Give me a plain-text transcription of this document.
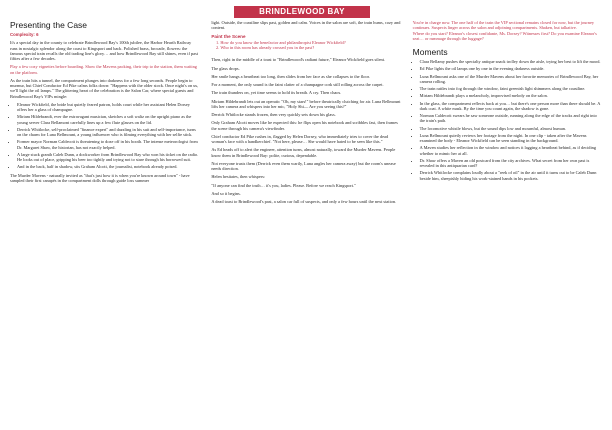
BRINDLEWOOD BAY
Presenting the Case

Complexity: 6

It's a special day in the county to celebrate Brindlewood Bay's 100th jubilee, the Harbor Hearth Railway runs in nostalgic splendor along the coast to Kingsport and back. Polished brass, brocade, flowers: the famous special train recalls the old trading line's glory… and how Brindlewood Bay still shines, even if past fifties after a few decades.

Play a few cozy vignettes before boarding. Show the Mavens packing, their trip to the station, them waiting on the platform.

As the train hits a tunnel, the compartment plunges into darkness for a few long seconds. People begin to murmur, but Chief Conductor Ed Pike calms folks down: "Happens with the older stock. Once night's on us, we'll light the oil lamps." The glittering heart of the celebration is the Salon Car, where special guests and Brindlewood Bay's VIPs mingle:

• Eleanor Wickfield, the bride but quietly feared patron, holds court while her assistant Helen Dorsey offers her a glass of champagne.
• Miriam Hildebrandt, ever the extravagant musician, sketches a soft waltz on the upright piano as the young server Clara Bellamont carefully lines up a few flute glasses on the lid.
• Derrick Whitlocke, self-proclaimed "finance expert" and dazzling in his suit and self-importance, turns on the charm for Luna Bellmount, a young influencer who is filming everything with her selfie stick.
• Former mayor Norman Caldecott is threatening to doze off in his booth. The intense meteorologist from Dr. Margaret Shaw, the historian, has not exactly helped.
• A large stuck granth Caleb Dunn, a dockworker from Brindlewood Bay who won his ticket on the radio. He looks out of place, gripping his beer too tightly and trying not to stare through his borrowed suit.
• And in the back, half in shadow, sits Graham Alcott, the journalist, notebook already poised.

The Murder Mavens - naturally invited as "that's just how it is when you're known around town" - have sampled their first canapés in the compartment dolls through guide loss summer

light. Outside, the coastline slips past, golden and calm. Voices in the salon are soft, the train hums, cozy and content.

Paint the Scene
1. How do you know the benefactor and philanthropist Eleanor Wickfield?
2. Who in this room has already crossed you in the past?

Then, right in the middle of a toast to "Brindlewood's radiant future," Eleanor Wickfield goes silent.

The glass drops.

Her smile hangs a heartbeat too long, then slides from her face as she collapses to the floor.

For a moment, the only sound is the faint clatter of a champagne cork still rolling across the carpet.

The train thunders on, yet time seems to hold its breath. A cry. Then chaos.

Miriam Hildebrandt lets out an operatic "Oh, my stars!" before theatrically clutching for air. Luna Bellmount lifts her camera and whispers into her mic, "Holy Shi— Are you seeing this?"

Derrick Whitlocke stands frozen, then very quickly sets down his glass.

Only Graham Alcott moves like he expected this: he flips open his notebook and scribbles fast, then frames the scene through his camera's viewfinder.

Chief conductor Ed Pike rushes in, flagged by Helen Dorsey, who immediately tries to cover the dead woman's face with a handkerchief. "Not here, please… She would have hated to be seen like this."

As Ed heads off to alert the engineer, attention turns, almost naturally, toward the Murder Mavens. People know them in Brindlewood Bay: polite, curious, dependable.

Not everyone trusts them (Derrick even them warily, Luna angles her camera away) but the room's unease needs direction.

Helen hesitates, then whispers:

"If anyone can find the truth… it's you, ladies. Please. Before we reach Kingsport."

And so it begins.

A dead toast to Brindlewood's past, a salon car full of suspects, and only a few hours until the next station.

You're in charge now. The one half of the train the VIP sectional remains closed for now, but the journey continues. Suspects linger across the salon and adjoining compartments. Shaken, but talkative.
Where do you start? Eleanor's closest confidante, Ms. Dorsey? Witnesses first? Do you examine Eleanor's seat… or rummage through the luggage?

Moments
• Clara Bellamy pushes the specialty antique snack trolley down the aisle, trying her best to lift the mood.
• Ed Pike lights the oil lamps one by one in the evening darkness outside.
• Luna Bellmount asks one of the Murder Mavens about her favorite memories of Brindlewood Bay, her camera rolling.
• The train rattles into fog through the window, faint greenish light shimmers along the coastline.
• Miriam Hildebrandt plays a melancholy, improvised melody on the salon.
• In the glass, the compartment reflects back at you… but there's one person more than there should be. A dark coat. A white mask. By the time you count again, the shadow is gone.
• Norman Caldecott swears he saw someone outside, running along the edge of the tracks and right into the train's path.
• The locomotive whistle blows, but the sound dips low and mournful, almost human.
• Luna Bellmount quietly reviews her footage from the night. In one clip - taken after the Mavens examined the body - Eleanor Wickfield can be seen standing in the background.
• A Maven studies her reflection in the window and notices it lagging a heartbeat behind, as if deciding whether to mimic her at all.
• Dr. Shaw offers a Maven an old postcard from the city archives. What secret from her own past is revealed in this antiquarian card?
• Derrick Whitlocke complains loudly about a "reek of oil" in the air until it turns out to be Caleb Dunn beside him, sheepishly hiding his work-stained hands in his pockets.
